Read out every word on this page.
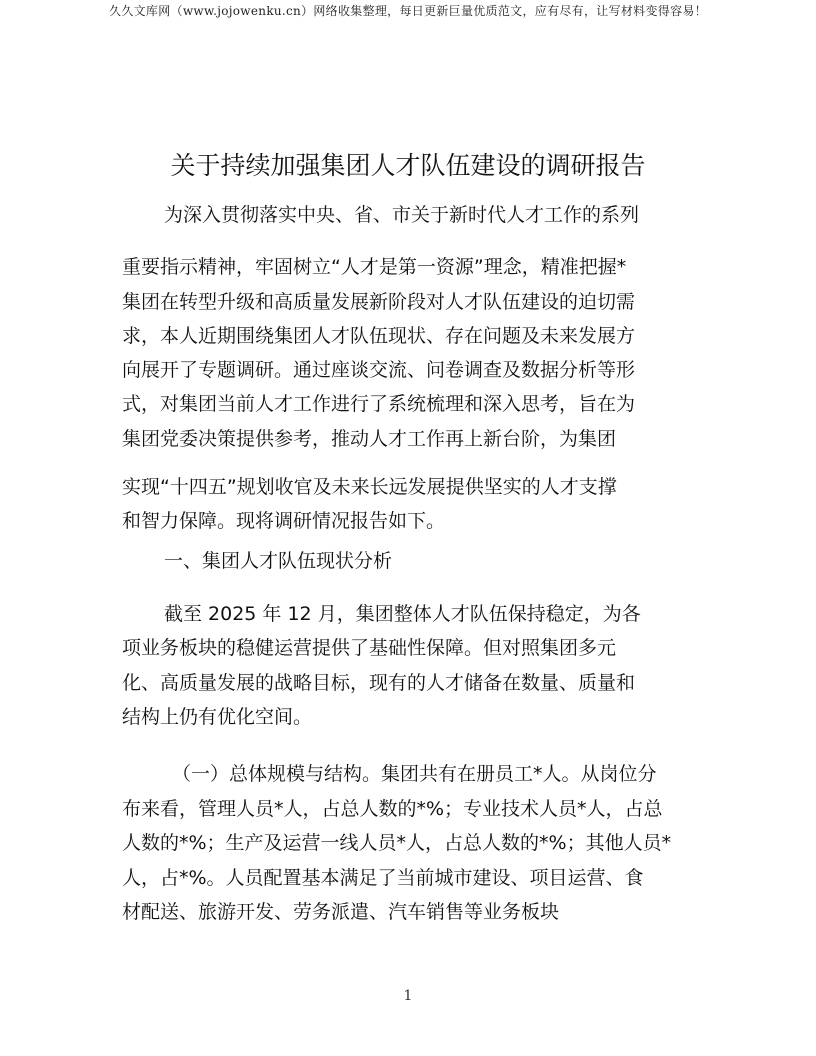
久久文库网（www.jojowenku.cn）网络收集整理，每日更新巨量优质范文，应有尽有，让写材料变得容易！
关于持续加强集团人才队伍建设的调研报告
为深入贯彻落实中央、省、市关于新时代人才工作的系列
重要指示精神，牢固树立“人才是第一资源”理念，精准把握*
集团在转型升级和高质量发展新阶段对人才队伍建设的迫切需
求，本人近期围绕集团人才队伍现状、存在问题及未来发展方
向展开了专题调研。通过座谈交流、问卷调查及数据分析等形
式，对集团当前人才工作进行了系统梳理和深入思考，旨在为
集团党委决策提供参考，推动人才工作再上新台阶，为集团
实现“十四五”规划收官及未来长远发展提供坚实的人才支撑
和智力保障。现将调研情况报告如下。
一、集团人才队伍现状分析
截至 2025 年 12 月，集团整体人才队伍保持稳定，为各
项业务板块的稳健运营提供了基础性保障。但对照集团多元
化、高质量发展的战略目标，现有的人才储备在数量、质量和
结构上仍有优化空间。
（一）总体规模与结构。集团共有在册员工*人。从岗位分
布来看，管理人员*人，占总人数的*%；专业技术人员*人，占总
人数的*%；生产及运营一线人员*人，占总人数的*%；其他人员*
人，占*%。人员配置基本满足了当前城市建设、项目运营、食
材配送、旅游开发、劳务派遣、汽车销售等业务板块
1
